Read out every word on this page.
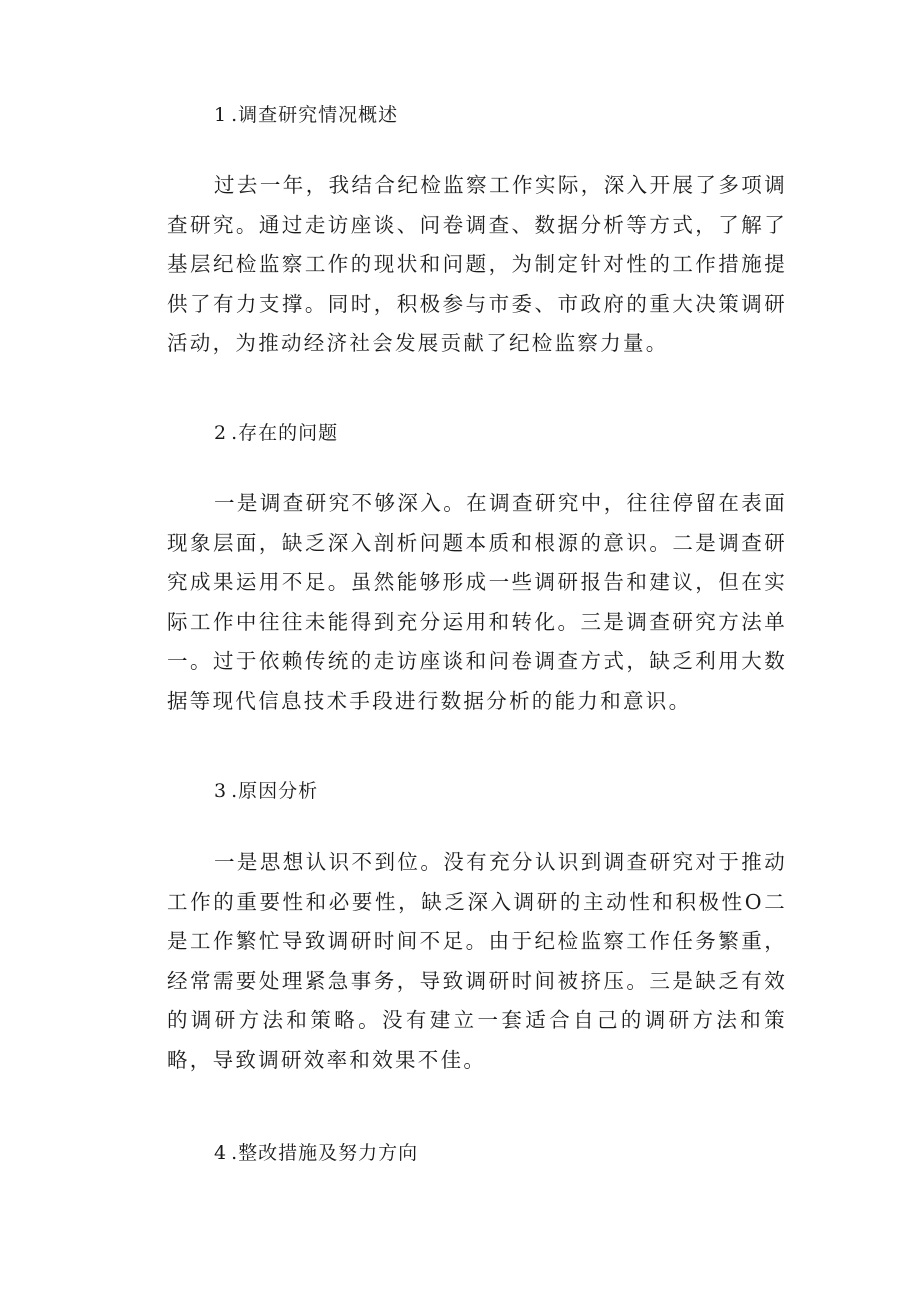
1 .调查研究情况概述

过去一年，我结合纪检监察工作实际，深入开展了多项调查研究。通过走访座谈、问卷调查、数据分析等方式，了解了基层纪检监察工作的现状和问题，为制定针对性的工作措施提供了有力支撑。同时，积极参与市委、市政府的重大决策调研活动，为推动经济社会发展贡献了纪检监察力量。

2 .存在的问题

一是调查研究不够深入。在调查研究中，往往停留在表面现象层面，缺乏深入剖析问题本质和根源的意识。二是调查研究成果运用不足。虽然能够形成一些调研报告和建议，但在实际工作中往往未能得到充分运用和转化。三是调查研究方法单一。过于依赖传统的走访座谈和问卷调查方式，缺乏利用大数据等现代信息技术手段进行数据分析的能力和意识。

3 .原因分析

一是思想认识不到位。没有充分认识到调查研究对于推动工作的重要性和必要性，缺乏深入调研的主动性和积极性O二是工作繁忙导致调研时间不足。由于纪检监察工作任务繁重，经常需要处理紧急事务，导致调研时间被挤压。三是缺乏有效的调研方法和策略。没有建立一套适合自己的调研方法和策略，导致调研效率和效果不佳。

4 .整改措施及努力方向
